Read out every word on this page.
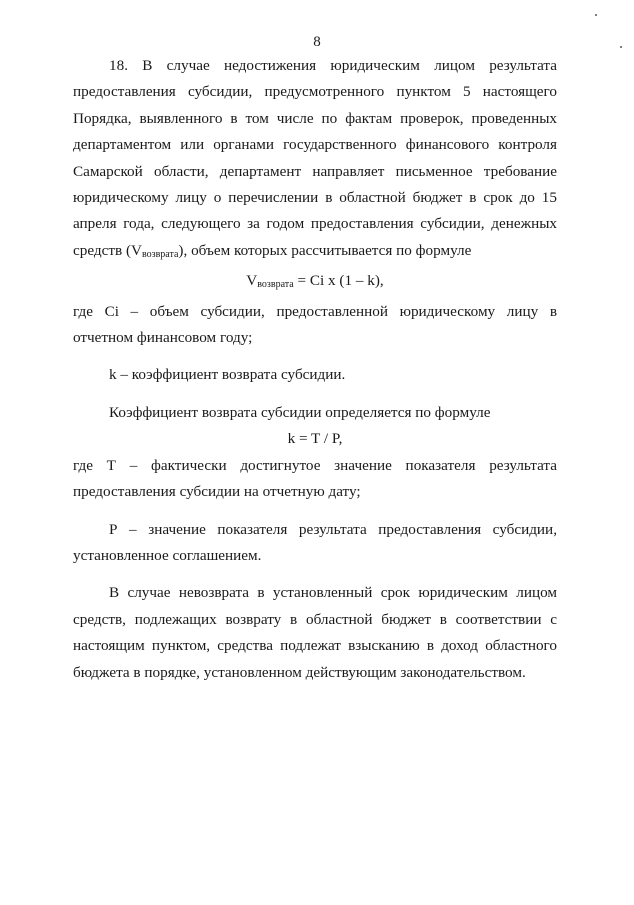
8

18. В случае недостижения юридическим лицом результата предоставления субсидии, предусмотренного пунктом 5 настоящего Порядка, выявленного в том числе по фактам проверок, проведенных департаментом или органами государственного финансового контроля Самарской области, департамент направляет письменное требование юридическому лицу о перечислении в областной бюджет в срок до 15 апреля года, следующего за годом предоставления субсидии, денежных средств $(V_{возврата})$, объем которых рассчитывается по формуле

$V_{возврата} = Ci$ x (1 – k),

где Ci – объем субсидии, предоставленной юридическому лицу в отчетном финансовом году;

k – коэффициент возврата субсидии.

Коэффициент возврата субсидии определяется по формуле

k = T / P,

где Т – фактически достигнутое значение показателя результата предоставления субсидии на отчетную дату;

Р – значение показателя результата предоставления субсидии, установленное соглашением.

В случае невозврата в установленный срок юридическим лицом средств, подлежащих возврату в областной бюджет в соответствии с настоящим пунктом, средства подлежат взысканию в доход областного бюджета в порядке, установленном действующим законодательством.
